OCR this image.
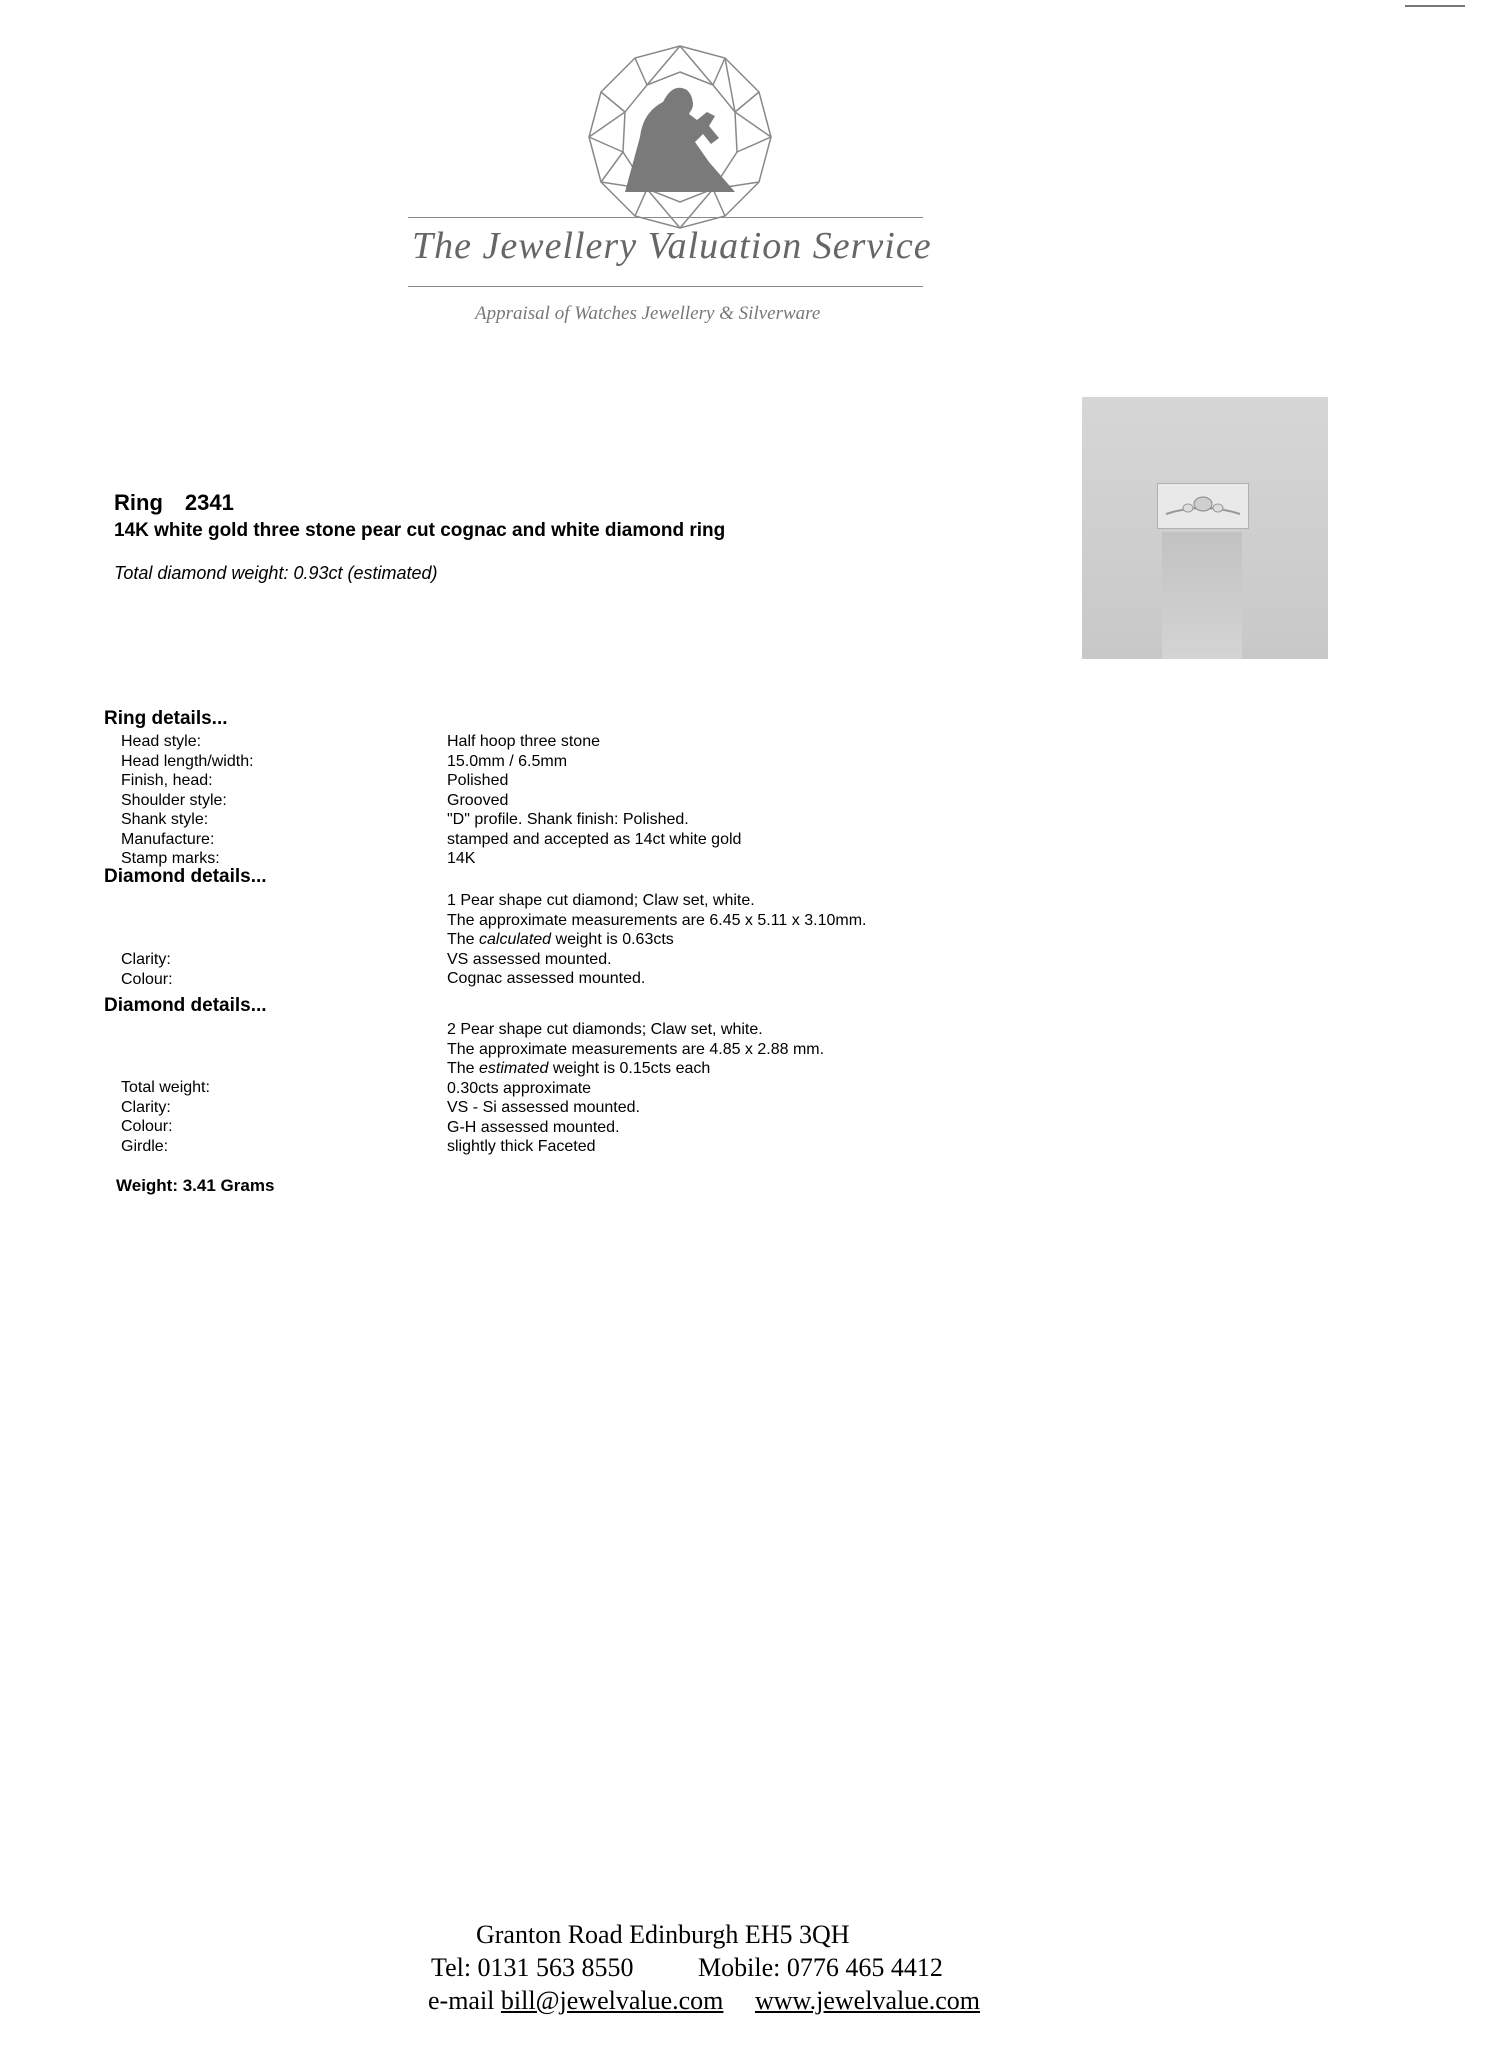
The Jewellery Valuation Service
Appraisal of Watches Jewellery & Silverware
Ring 2341
14K white gold three stone pear cut cognac and white diamond ring
Total diamond weight: 0.93ct (estimated)
Ring details...
Head style:
Head length/width:
Finish, head:
Shoulder style:
Shank style:
Manufacture:
Stamp marks:
Half hoop three stone
15.0mm / 6.5mm
Polished
Grooved
"D" profile. Shank finish: Polished.
stamped and accepted as 14ct white gold
14K
Diamond details...
1 Pear shape cut diamond; Claw set, white.
The approximate measurements are 6.45 x 5.11 x 3.10mm.
The calculated weight is 0.63cts
VS assessed mounted.
Cognac assessed mounted.
Clarity:
Colour:
Diamond details...
2 Pear shape cut diamonds; Claw set, white.
The approximate measurements are 4.85 x 2.88 mm.
The estimated weight is 0.15cts each
0.30cts approximate
VS - Si assessed mounted.
G-H assessed mounted.
slightly thick Faceted
Total weight:
Clarity:
Colour:
Girdle:
Weight: 3.41 Grams
Granton Road Edinburgh EH5 3QH
Tel: 0131 563 8550 Mobile: 0776 465 4412
e-mail bill@jewelvalue.com www.jewelvalue.com
